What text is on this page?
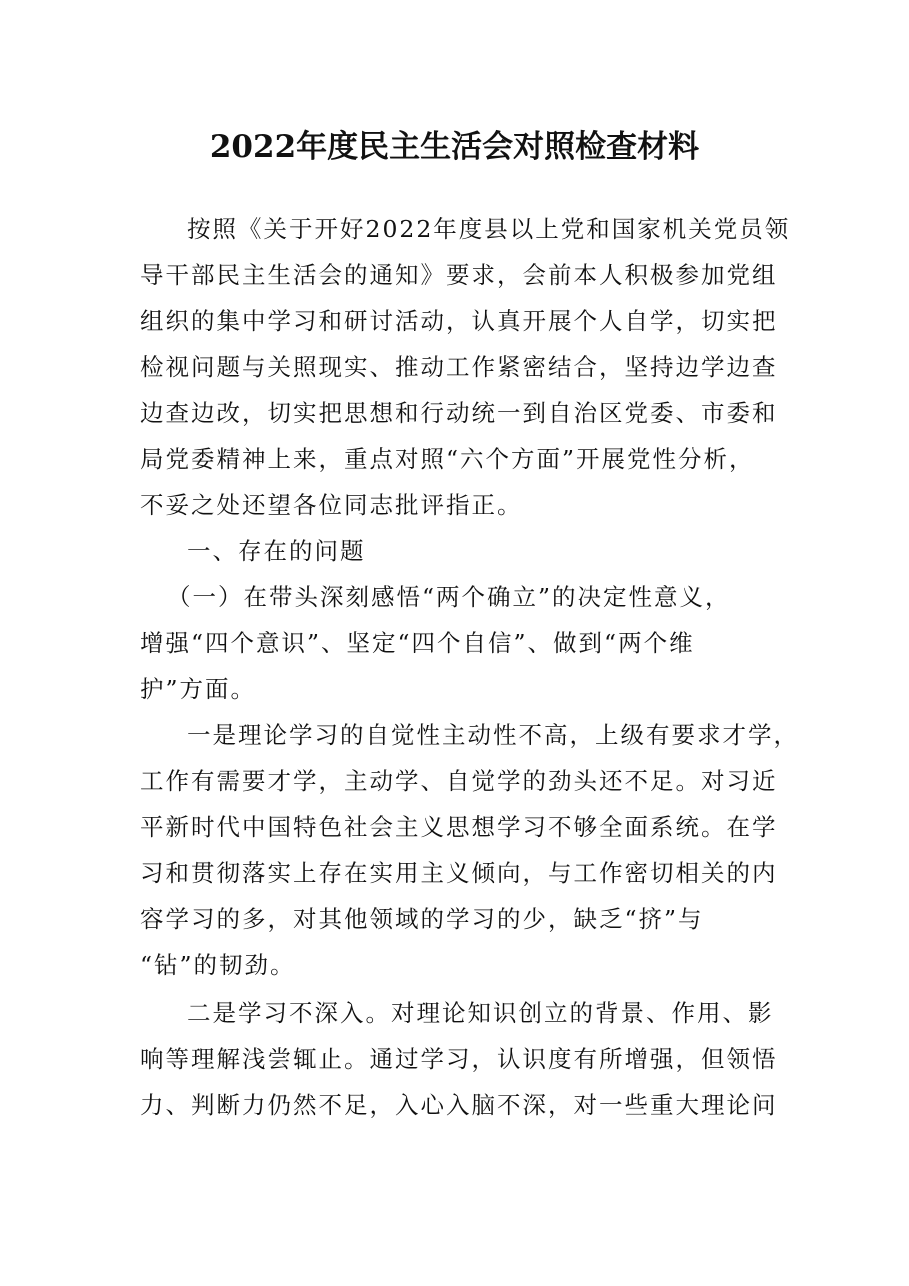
2022年度民主生活会对照检查材料
按照《关于开好2022年度县以上党和国家机关党员领
导干部民主生活会的通知》要求，会前本人积极参加党组
组织的集中学习和研讨活动，认真开展个人自学，切实把
检视问题与关照现实、推动工作紧密结合，坚持边学边查
边查边改，切实把思想和行动统一到自治区党委、市委和
局党委精神上来，重点对照“六个方面”开展党性分析，
不妥之处还望各位同志批评指正。
一、存在的问题
（一）在带头深刻感悟“两个确立”的决定性意义，
增强“四个意识”、坚定“四个自信”、做到“两个维
护”方面。
一是理论学习的自觉性主动性不高，上级有要求才学，
工作有需要才学，主动学、自觉学的劲头还不足。对习近
平新时代中国特色社会主义思想学习不够全面系统。在学
习和贯彻落实上存在实用主义倾向，与工作密切相关的内
容学习的多，对其他领域的学习的少，缺乏“挤”与
“钻”的韧劲。
二是学习不深入。对理论知识创立的背景、作用、影
响等理解浅尝辄止。通过学习，认识度有所增强，但领悟
力、判断力仍然不足，入心入脑不深，对一些重大理论问
